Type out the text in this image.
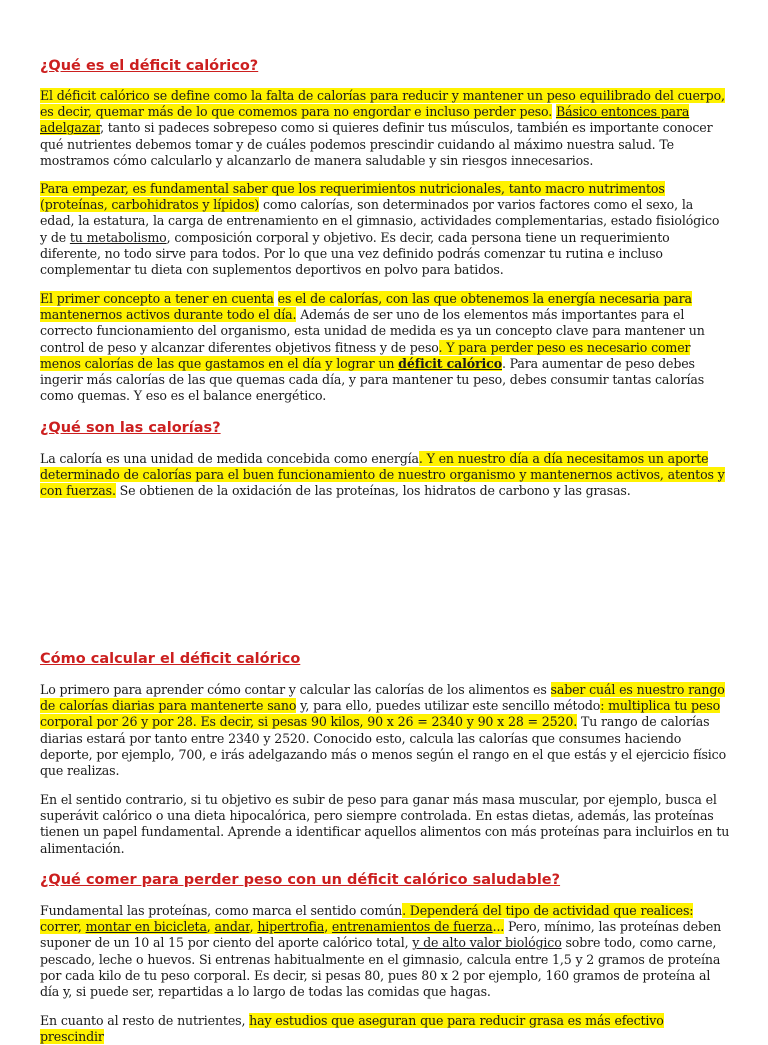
¿Qué es el déficit calórico?
El déficit calórico se define como la falta de calorías para reducir y mantener un peso equilibrado del cuerpo, es decir, quemar más de lo que comemos para no engordar e incluso perder peso. Básico entonces para adelgazar, tanto si padeces sobrepeso como si quieres definir tus músculos, también es importante conocer qué nutrientes debemos tomar y de cuáles podemos prescindir cuidando al máximo nuestra salud. Te mostramos cómo calcularlo y alcanzarlo de manera saludable y sin riesgos innecesarios.
Para empezar, es fundamental saber que los requerimientos nutricionales, tanto macro nutrimentos (proteínas, carbohidratos y lípidos) como calorías, son determinados por varios factores como el sexo, la edad, la estatura, la carga de entrenamiento en el gimnasio, actividades complementarias, estado fisiológico y de tu metabolismo, composición corporal y objetivo. Es decir, cada persona tiene un requerimiento diferente, no todo sirve para todos. Por lo que una vez definido podrás comenzar tu rutina e incluso complementar tu dieta con suplementos deportivos en polvo para batidos.
El primer concepto a tener en cuenta es el de calorías, con las que obtenemos la energía necesaria para mantenernos activos durante todo el día. Además de ser uno de los elementos más importantes para el correcto funcionamiento del organismo, esta unidad de medida es ya un concepto clave para mantener un control de peso y alcanzar diferentes objetivos fitness y de peso. Y para perder peso es necesario comer menos calorías de las que gastamos en el día y lograr un déficit calórico. Para aumentar de peso debes ingerir más calorías de las que quemas cada día, y para mantener tu peso, debes consumir tantas calorías como quemas. Y eso es el balance energético.
¿Qué son las calorías?
La caloría es una unidad de medida concebida como energía. Y en nuestro día a día necesitamos un aporte determinado de calorías para el buen funcionamiento de nuestro organismo y mantenernos activos, atentos y con fuerzas. Se obtienen de la oxidación de las proteínas, los hidratos de carbono y las grasas.
Cómo calcular el déficit calórico
Lo primero para aprender cómo contar y calcular las calorías de los alimentos es saber cuál es nuestro rango de calorías diarias para mantenerte sano y, para ello, puedes utilizar este sencillo método: multiplica tu peso corporal por 26 y por 28. Es decir, si pesas 90 kilos, 90 x 26 = 2340 y 90 x 28 = 2520. Tu rango de calorías diarias estará por tanto entre 2340 y 2520. Conocido esto, calcula las calorías que consumes haciendo deporte, por ejemplo, 700, e irás adelgazando más o menos según el rango en el que estás y el ejercicio físico que realizas.
En el sentido contrario, si tu objetivo es subir de peso para ganar más masa muscular, por ejemplo, busca el superávit calórico o una dieta hipocalórica, pero siempre controlada. En estas dietas, además, las proteínas tienen un papel fundamental. Aprende a identificar aquellos alimentos con más proteínas para incluirlos en tu alimentación.
¿Qué comer para perder peso con un déficit calórico saludable?
Fundamental las proteínas, como marca el sentido común. Dependerá del tipo de actividad que realices: correr, montar en bicicleta, andar, hipertrofia, entrenamientos de fuerza... Pero, mínimo, las proteínas deben suponer de un 10 al 15 por ciento del aporte calórico total, y de alto valor biológico sobre todo, como carne, pescado, leche o huevos. Si entrenas habitualmente en el gimnasio, calcula entre 1,5 y 2 gramos de proteína por cada kilo de tu peso corporal. Es decir, si pesas 80, pues 80 x 2 por ejemplo, 160 gramos de proteína al día y, si puede ser, repartidas a lo largo de todas las comidas que hagas.
En cuanto al resto de nutrientes, hay estudios que aseguran que para reducir grasa es más efectivo prescindir
